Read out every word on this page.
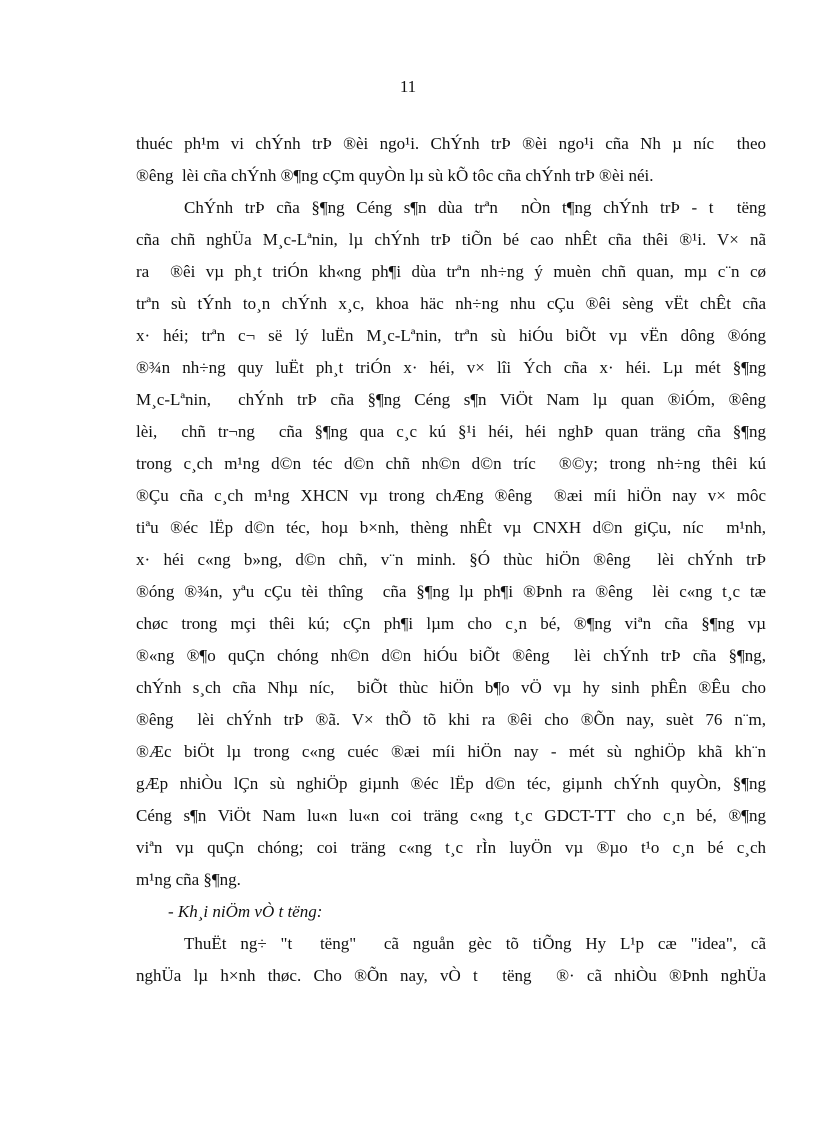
11
thuéc ph¹m vi chÝnh trÞ ®èi ngo¹i. ChÝnh trÞ ®èi ngo¹i cña Nh µ níc  theo
®êng  lèi cña chÝnh ®¶ng cÇm quyÒn lµ sù kÕ tôc cña chÝnh trÞ ®èi néi.
ChÝnh trÞ cña §¶ng Céng s¶n dùa trªn  nÒn t¶ng chÝnh trÞ - t  tëng
cña chñ nghÜa M¸c-Lªnin, lµ chÝnh trÞ tiÕn bé cao nhÊt cña thêi ®¹i. V× nã
ra  ®êi vµ ph¸t triÓn kh«ng ph¶i dùa trªn nh÷ng ý muèn chñ quan, mµ c¨n cø
trªn sù tÝnh to¸n chÝnh x¸c, khoa häc nh÷ng nhu cÇu ®êi sèng vËt chÊt cña
x· héi; trªn c¬ së lý luËn M¸c-Lªnin, trªn sù hiÓu biÕt vµ vËn dông ®óng
®¾n nh÷ng quy luËt ph¸t triÓn x· héi, v× lîi Ých cña x· héi. Lµ mét §¶ng
M¸c-Lªnin,  chÝnh trÞ cña §¶ng Céng s¶n ViÖt Nam lµ quan ®iÓm, ®êng
lèi,  chñ tr¬ng  cña §¶ng qua c¸c kú §¹i héi, héi nghÞ quan träng cña §¶ng
trong c¸ch m¹ng d©n téc d©n chñ nh©n d©n tríc  ®©y; trong nh÷ng thêi kú
®Çu cña c¸ch m¹ng XHCN vµ trong chÆng ®êng  ®æi míi hiÖn nay v× môc
tiªu ®éc lËp d©n téc, hoµ b×nh, thèng nhÊt vµ CNXH d©n giÇu, níc  m¹nh,
x· héi c«ng b»ng, d©n chñ, v¨n minh. §Ó thùc hiÖn ®êng  lèi chÝnh trÞ
®óng ®¾n, yªu cÇu tèi thîng  cña §¶ng lµ ph¶i ®Þnh ra ®êng  lèi c«ng t¸c tæ
chøc trong mçi thêi kú; cÇn ph¶i lµm cho c¸n bé, ®¶ng viªn cña §¶ng vµ
®«ng ®¶o quÇn chóng nh©n d©n hiÓu biÕt ®êng  lèi chÝnh trÞ cña §¶ng,
chÝnh s¸ch cña Nhµ níc,  biÕt thùc hiÖn b¶o vÖ vµ hy sinh phÊn ®Êu cho
®êng  lèi chÝnh trÞ ®ã. V× thÕ tõ khi ra ®êi cho ®Õn nay, suèt 76 n¨m,
®Æc biÖt lµ trong c«ng cuéc ®æi míi hiÖn nay - mét sù nghiÖp khã kh¨n
gÆp nhiÒu lÇn sù nghiÖp giµnh ®éc lËp d©n téc, giµnh chÝnh quyÒn, §¶ng
Céng s¶n ViÖt Nam lu«n lu«n coi träng c«ng t¸c GDCT-TT cho c¸n bé, ®¶ng
viªn vµ quÇn chóng; coi träng c«ng t¸c rÌn luyÖn vµ ®µo t¹o c¸n bé c¸ch
m¹ng cña §¶ng.
- Kh¸i niÖm vÒ t tëng:
ThuËt ng÷ "t  tëng"  cã nguån gèc tõ tiÕng Hy L¹p cæ "idea", cã
nghÜa lµ h×nh thøc. Cho ®Õn nay, vÒ t  tëng  ®· cã nhiÒu ®Þnh nghÜa
